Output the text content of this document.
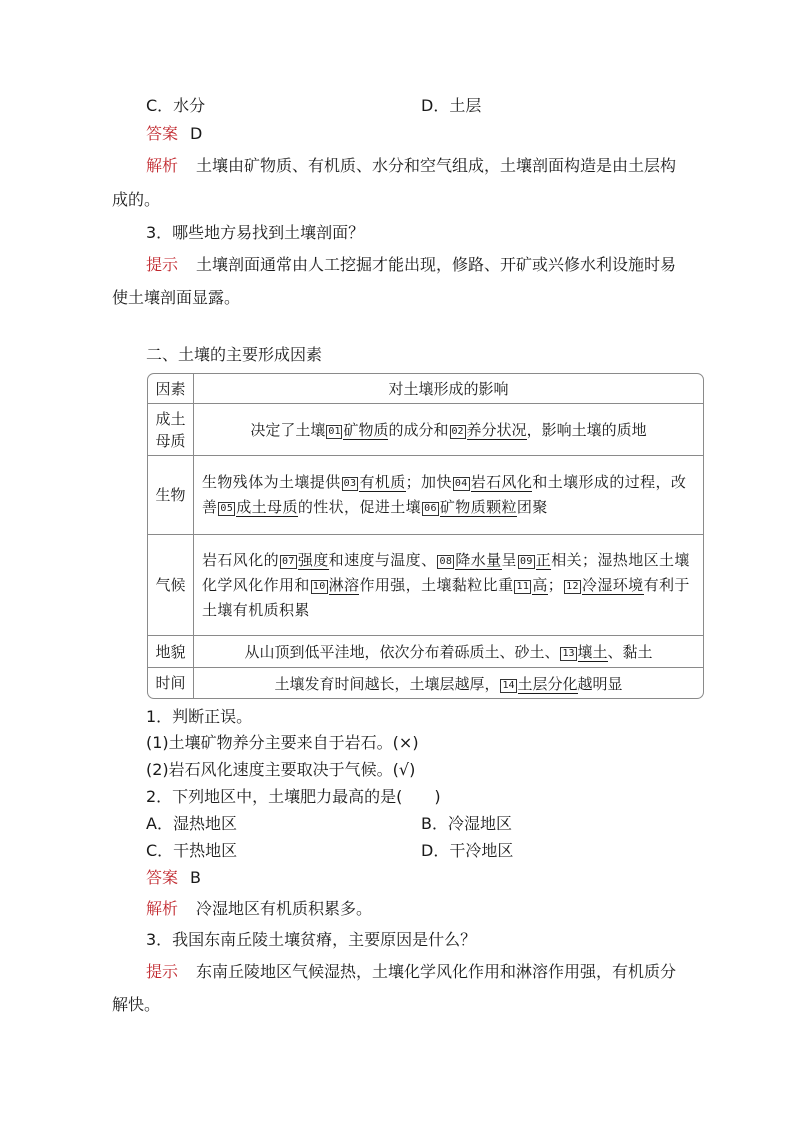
C．水分	D．土层
答案 D
解析 土壤由矿物质、有机质、水分和空气组成，土壤剖面构造是由土层构
成的。
3．哪些地方易找到土壤剖面？
提示 土壤剖面通常由人工挖掘才能出现，修路、开矿或兴修水利设施时易
使土壤剖面显露。
二、土壤的主要形成因素
因素	对土壤形成的影响

成土
母质	决定了土壤 01 矿物质的成分和 02 养分状况，影响土壤的质地
生物	生物残体为土壤提供 03 有机质；加快 04 岩石风化和土壤形成的过程，改善 05 成土母质的性状，促进土壤 06 矿物质颗粒团聚
气候	岩石风化的 07 强度和速度与温度、 08 降水量呈 09 正相关；湿热地区土壤化学风化作用和 10 淋溶作用强，土壤黏粒比重 11 高； 12 冷湿环境有利于土壤有机质积累
地貌	从山顶到低平洼地，依次分布着砾质土、砂土、 13 壤土、黏土
时间	土壤发育时间越长，土壤层越厚， 14 土层分化越明显
1．判断正误。
(1)土壤矿物养分主要来自于岩石。(×)
(2)岩石风化速度主要取决于气候。(√)
2．下列地区中，土壤肥力最高的是(　　)
A．湿热地区	B．冷湿地区
C．干热地区	D．干冷地区
答案 B
解析 冷湿地区有机质积累多。
3．我国东南丘陵土壤贫瘠，主要原因是什么？
提示 东南丘陵地区气候湿热，土壤化学风化作用和淋溶作用强，有机质分
解快。
